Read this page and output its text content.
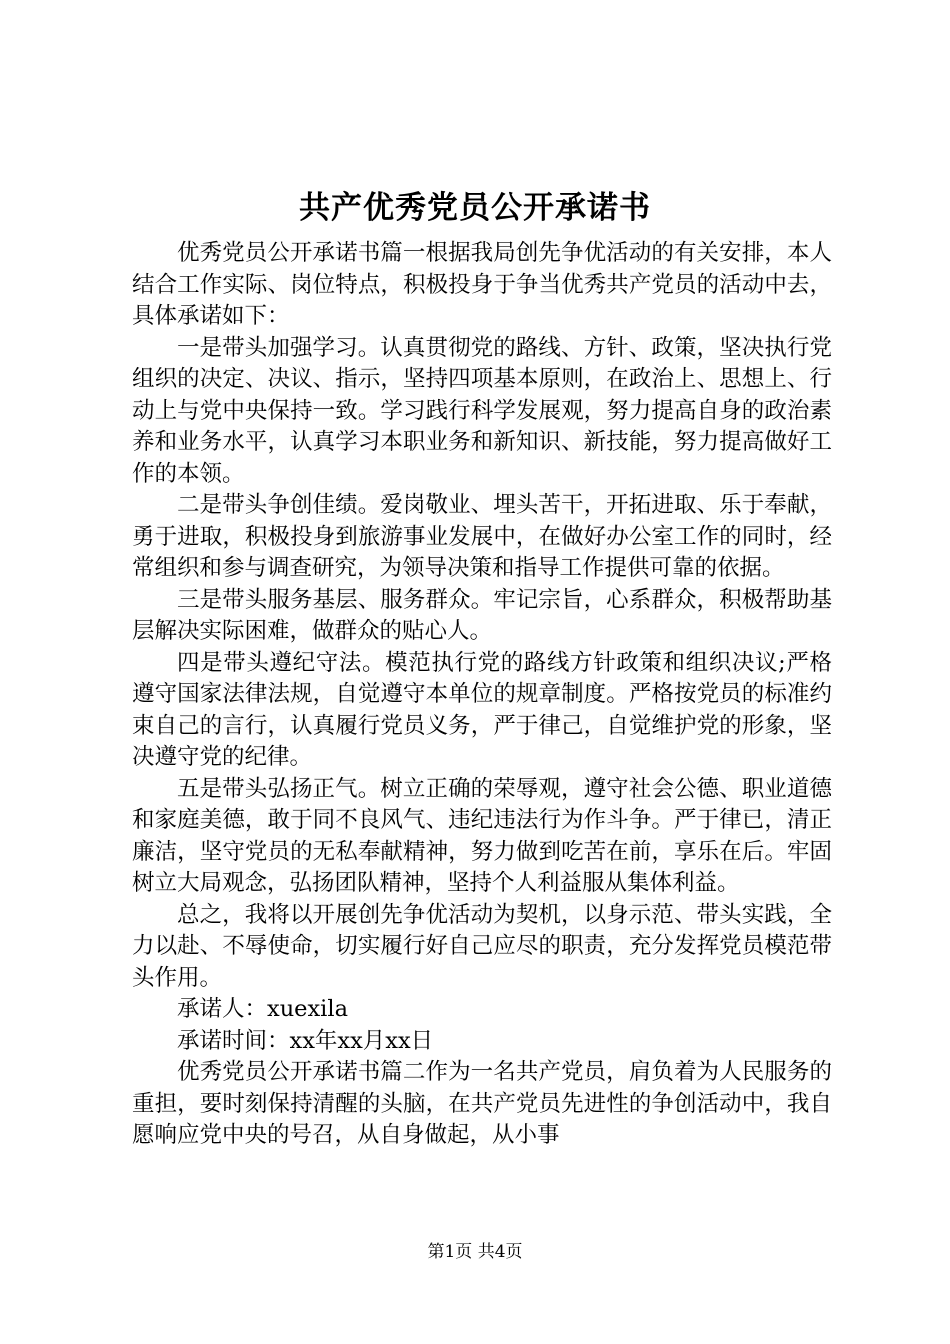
共产优秀党员公开承诺书

优秀党员公开承诺书篇一根据我局创先争优活动的有关安排，本人结合工作实际、岗位特点，积极投身于争当优秀共产党员的活动中去，具体承诺如下：

一是带头加强学习。认真贯彻党的路线、方针、政策，坚决执行党组织的决定、决议、指示，坚持四项基本原则，在政治上、思想上、行动上与党中央保持一致。学习践行科学发展观，努力提高自身的政治素养和业务水平，认真学习本职业务和新知识、新技能，努力提高做好工作的本领。

二是带头争创佳绩。爱岗敬业、埋头苦干，开拓进取、乐于奉献，勇于进取，积极投身到旅游事业发展中，在做好办公室工作的同时，经常组织和参与调查研究，为领导决策和指导工作提供可靠的依据。

三是带头服务基层、服务群众。牢记宗旨，心系群众，积极帮助基层解决实际困难，做群众的贴心人。

四是带头遵纪守法。模范执行党的路线方针政策和组织决议;严格遵守国家法律法规，自觉遵守本单位的规章制度。严格按党员的标准约束自己的言行，认真履行党员义务，严于律己，自觉维护党的形象，坚决遵守党的纪律。

五是带头弘扬正气。树立正确的荣辱观，遵守社会公德、职业道德和家庭美德，敢于同不良风气、违纪违法行为作斗争。严于律已，清正廉洁，坚守党员的无私奉献精神，努力做到吃苦在前，享乐在后。牢固树立大局观念，弘扬团队精神，坚持个人利益服从集体利益。

总之，我将以开展创先争优活动为契机，以身示范、带头实践，全力以赴、不辱使命，切实履行好自己应尽的职责，充分发挥党员模范带头作用。

承诺人：xuexila

承诺时间：xx年xx月xx日

优秀党员公开承诺书篇二作为一名共产党员，肩负着为人民服务的重担，要时刻保持清醒的头脑，在共产党员先进性的争创活动中，我自愿响应党中央的号召，从自身做起，从小事

第1页 共4页
